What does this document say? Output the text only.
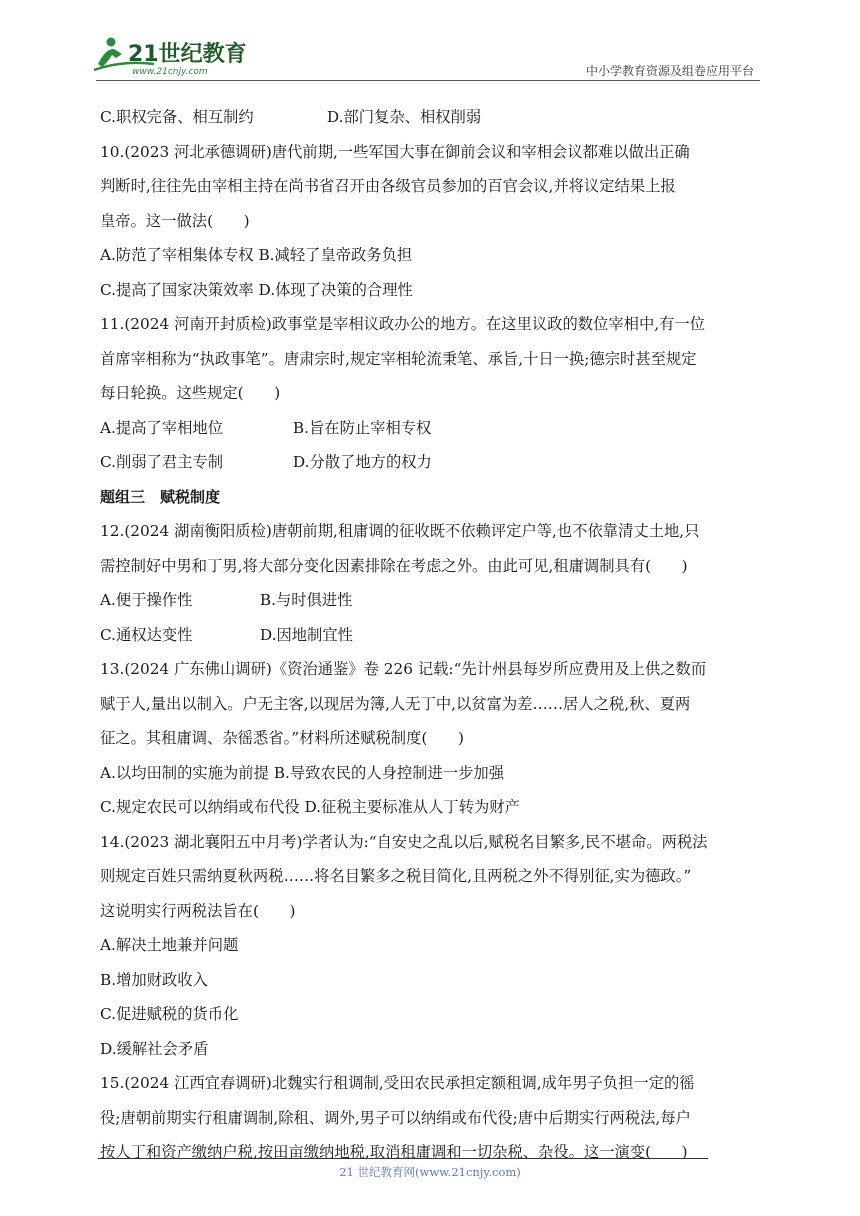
21世纪教育
www.21cnjy.com	中小学教育资源及组卷应用平台
C.职权完备、相互制约	D.部门复杂、相权削弱
10.(2023 河北承德调研)唐代前期,一些军国大事在御前会议和宰相会议都难以做出正确
判断时,往往先由宰相主持在尚书省召开由各级官员参加的百官会议,并将议定结果上报
皇帝。这一做法(　　)
A.防范了宰相集体专权 B.减轻了皇帝政务负担
C.提高了国家决策效率 D.体现了决策的合理性
11.(2024 河南开封质检)政事堂是宰相议政办公的地方。在这里议政的数位宰相中,有一位
首席宰相称为“执政事笔”。唐肃宗时,规定宰相轮流秉笔、承旨,十日一换;德宗时甚至规定
每日轮换。这些规定(　　)
A.提高了宰相地位	B.旨在防止宰相专权
C.削弱了君主专制	D.分散了地方的权力
题组三　赋税制度
12.(2024 湖南衡阳质检)唐朝前期,租庸调的征收既不依赖评定户等,也不依靠清丈土地,只
需控制好中男和丁男,将大部分变化因素排除在考虑之外。由此可见,租庸调制具有(　　)
A.便于操作性	B.与时俱进性
C.通权达变性	D.因地制宜性
13.(2024 广东佛山调研)《资治通鉴》卷 226 记载:“先计州县每岁所应费用及上供之数而
赋于人,量出以制入。户无主客,以现居为簿,人无丁中,以贫富为差……居人之税,秋、夏两
征之。其租庸调、杂徭悉省。”材料所述赋税制度(　　)
A.以均田制的实施为前提 B.导致农民的人身控制进一步加强
C.规定农民可以纳绢或布代役 D.征税主要标准从人丁转为财产
14.(2023 湖北襄阳五中月考)学者认为:“自安史之乱以后,赋税名目繁多,民不堪命。两税法
则规定百姓只需纳夏秋两税……将名目繁多之税目简化,且两税之外不得别征,实为德政。”
这说明实行两税法旨在(　　)
A.解决土地兼并问题
B.增加财政收入
C.促进赋税的货币化
D.缓解社会矛盾
15.(2024 江西宜春调研)北魏实行租调制,受田农民承担定额租调,成年男子负担一定的徭
役;唐朝前期实行租庸调制,除租、调外,男子可以纳绢或布代役;唐中后期实行两税法,每户
按人丁和资产缴纳户税,按田亩缴纳地税,取消租庸调和一切杂税、杂役。这一演变(　　)
21 世纪教育网(www.21cnjy.com)
